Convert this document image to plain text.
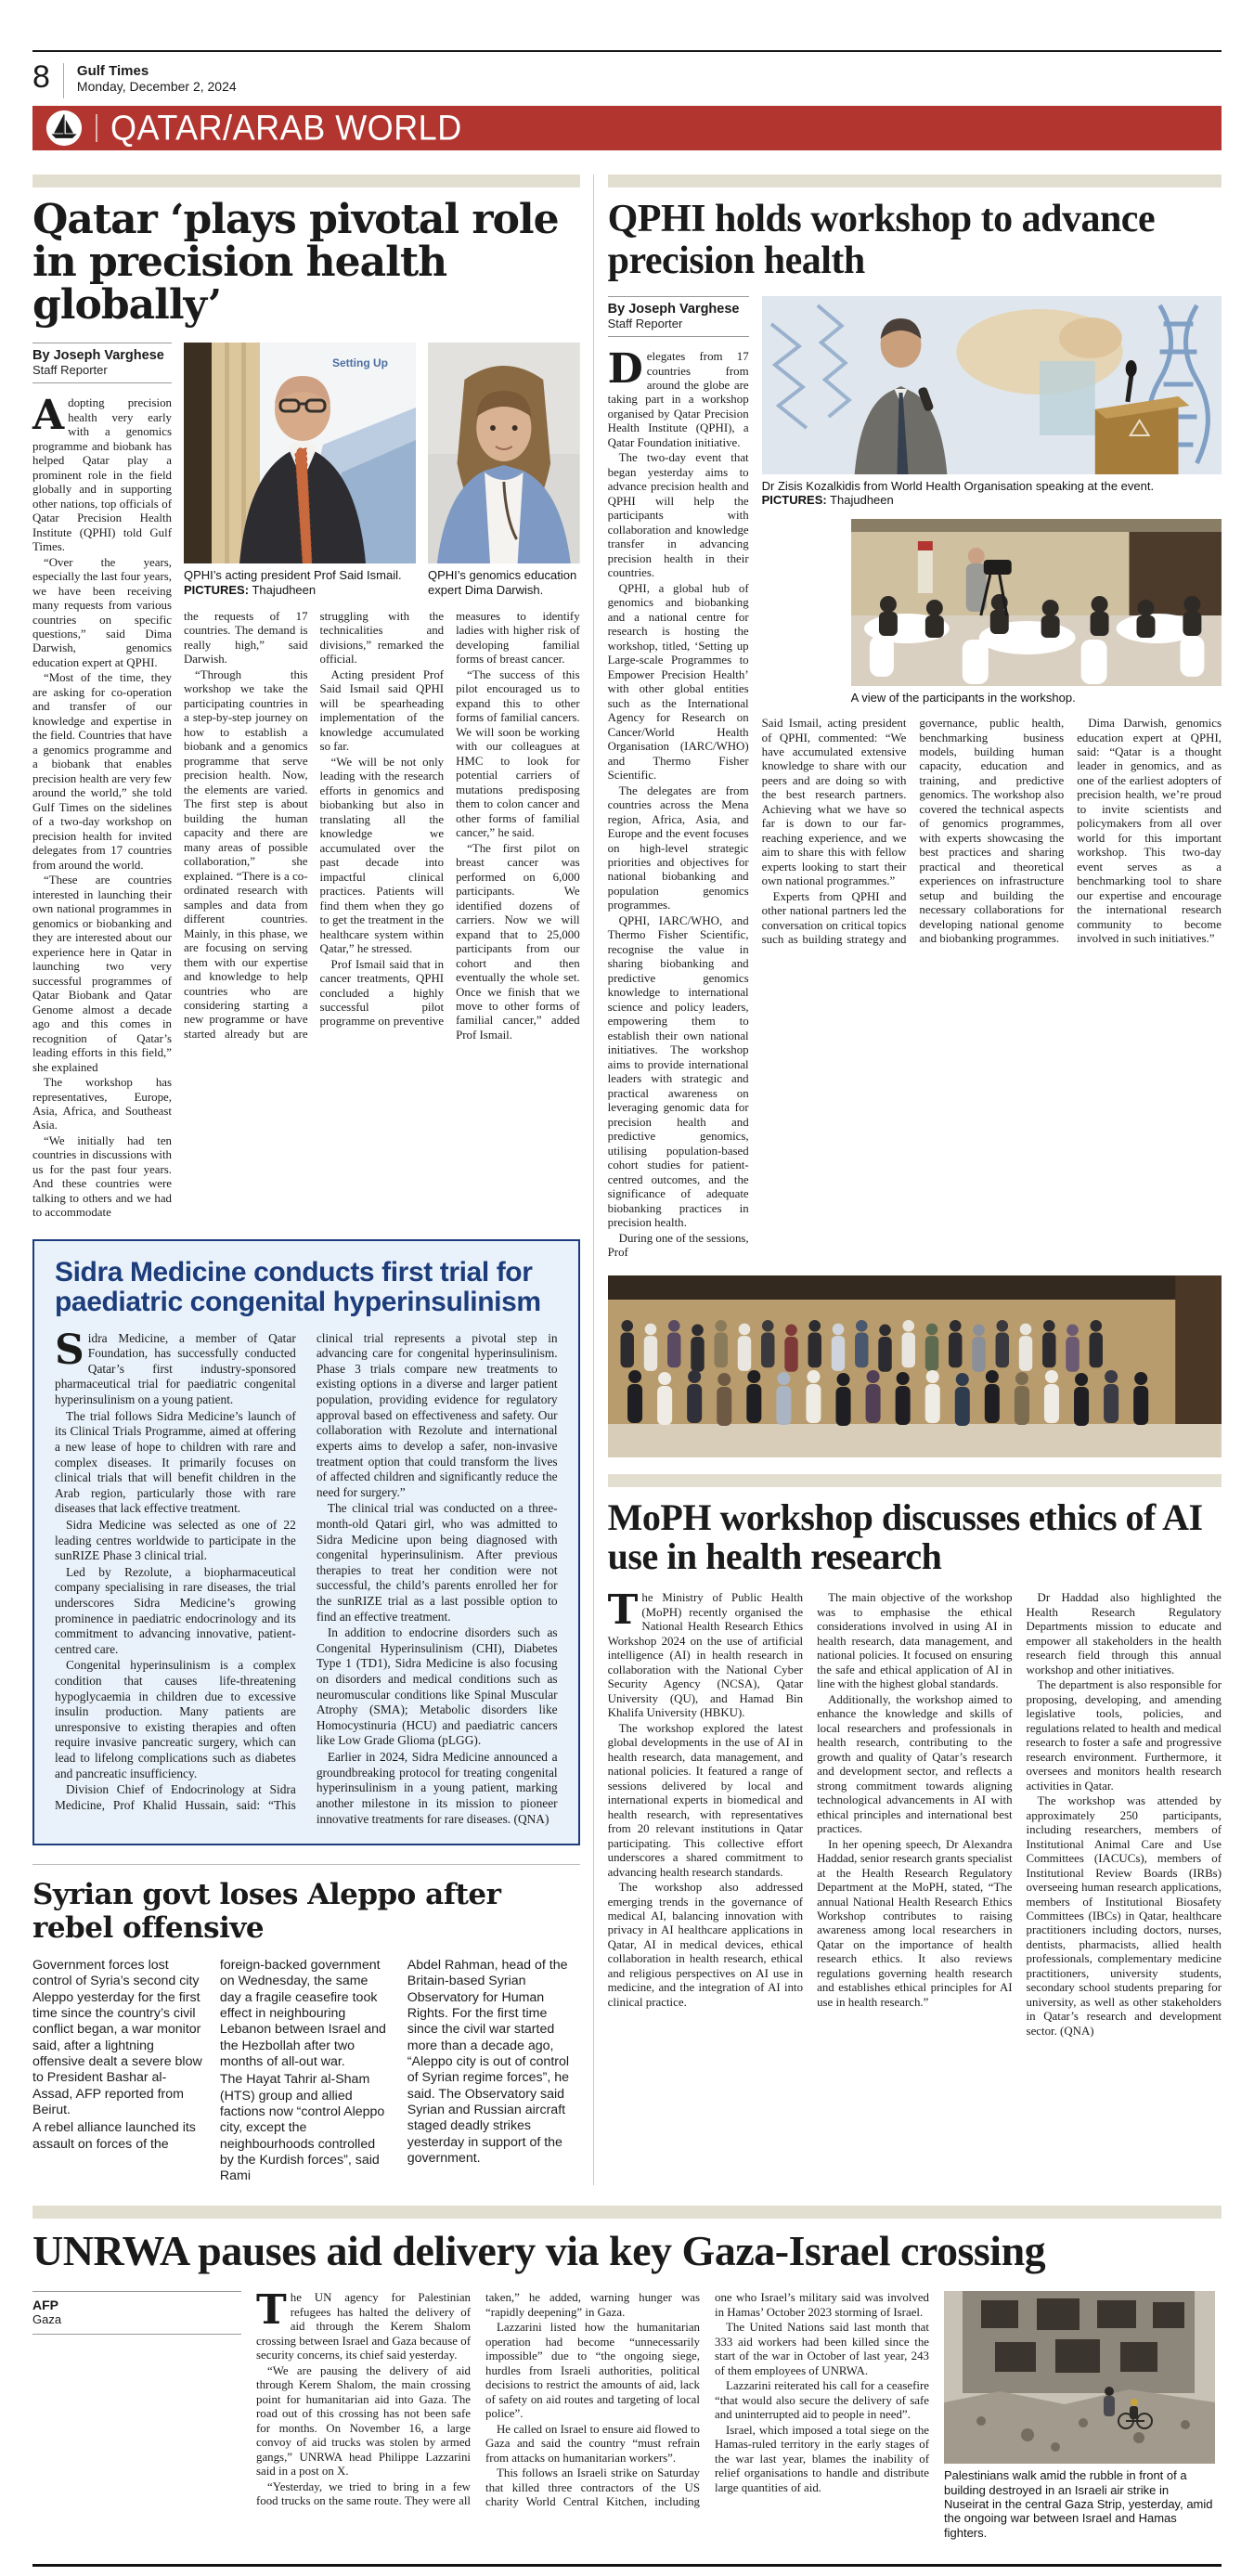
8 Gulf Times
Monday, December 2, 2024
QATAR/ARAB WORLD
Qatar ‘plays pivotal role in precision health globally’
By Joseph Varghese
Staff Reporter

Adopting precision health very early with a genomics programme and biobank has helped Qatar play a prominent role in the field globally and in supporting other nations, top officials of Qatar Precision Health Institute (QPHI) told Gulf Times.

“Over the years, especially the last four years, we have been receiving many requests from various countries on specific questions,” said Dima Darwish, genomics education expert at QPHI.

“Most of the time, they are asking for co-operation and transfer of our knowledge and expertise in the field. Countries that have a genomics programme and a biobank that enables precision health are very few around the world,” she told Gulf Times on the sidelines of a two-day workshop on precision health for invited delegates from 17 countries from around the world.

“These are countries interested in launching their own national programmes in genomics or biobanking and they are interested about our experience here in Qatar in launching two very successful programmes of Qatar Biobank and Qatar Genome almost a decade ago and this comes in recognition of Qatar’s leading efforts in this field,” she explained

The workshop has representatives, Europe, Asia, Africa, and Southeast Asia.

“We initially had ten countries in discussions with us for the past four years. And these countries were talking to others and we had to accommodate

Setting Up
QPHI’s acting president Prof Said Ismail. PICTURES: Thajudheen
QPHI’s genomics education expert Dima Darwish.

the requests of 17 countries. The demand is really high,” said Darwish.

“Through this workshop we take the participating countries in a step-by-step journey on how to establish a biobank and a genomics programme that serve precision health. Now, the elements are varied. The first step is about building the human capacity and there are many areas of possible collaboration,” she explained. “There is a co-ordinated research with samples and data from different countries. Mainly, in this phase, we are focusing on serving them with our expertise and knowledge to help countries who are considering starting a new programme or have started already but are struggling with the technicalities and divisions,” remarked the official.

Acting president Prof Said Ismail said QPHI will be spearheading implementation of the knowledge accumulated so far.

“We will be not only leading with the research efforts in genomics and biobanking but also in translating all the knowledge we accumulated over the past decade into impactful clinical practices. Patients will find them when they go to get the treatment in the healthcare system within Qatar,” he stressed.

Prof Ismail said that in cancer treatments, QPHI concluded a highly successful pilot programme on preventive measures to identify ladies with higher risk of developing familial forms of breast cancer.

“The success of this pilot encouraged us to expand this to other forms of familial cancers. We will soon be working with our colleagues at HMC to look for potential carriers of mutations predisposing them to colon cancer and other forms of familial cancer,” he said.

“The first pilot on breast cancer was performed on 6,000 participants. We identified dozens of carriers. Now we will expand that to 25,000 participants from our cohort and then eventually the whole set. Once we finish that we move to other forms of familial cancer,” added Prof Ismail.

Sidra Medicine conducts first trial for paediatric congenital hyperinsulinism

Sidra Medicine, a member of Qatar Foundation, has successfully conducted Qatar’s first industry-sponsored pharmaceutical trial for paediatric congenital hyperinsulinism on a young patient.

The trial follows Sidra Medicine’s launch of its Clinical Trials Programme, aimed at offering a new lease of hope to children with rare and complex diseases. It primarily focuses on clinical trials that will benefit children in the Arab region, particularly those with rare diseases that lack effective treatment.

Sidra Medicine was selected as one of 22 leading centres worldwide to participate in the sunRIZE Phase 3 clinical trial.

Led by Rezolute, a biopharmaceutical company specialising in rare diseases, the trial underscores Sidra Medicine’s growing prominence in paediatric endocrinology and its commitment to advancing innovative, patient-centred care.

Congenital hyperinsulinism is a complex condition that causes life-threatening hypoglycaemia in children due to excessive insulin production. Many patients are unresponsive to existing therapies and often require invasive pancreatic surgery, which can lead to lifelong complications such as diabetes and pancreatic insufficiency.

Division Chief of Endocrinology at Sidra Medicine, Prof Khalid Hussain, said: “This clinical trial represents a pivotal step in advancing care for congenital hyperinsulinism. Phase 3 trials compare new treatments to existing options in a diverse and larger patient population, providing evidence for regulatory approval based on effectiveness and safety. Our collaboration with Rezolute and international experts aims to develop a safer, non-invasive treatment option that could transform the lives of affected children and significantly reduce the need for surgery.”

The clinical trial was conducted on a three-month-old Qatari girl, who was admitted to Sidra Medicine upon being diagnosed with congenital hyperinsulinism. After previous therapies to treat her condition were not successful, the child’s parents enrolled her for the sunRIZE trial as a last possible option to find an effective treatment.

In addition to endocrine disorders such as Congenital Hyperinsulinism (CHI), Diabetes Type 1 (TD1), Sidra Medicine is also focusing on disorders and medical conditions such as neuromuscular conditions like Spinal Muscular Atrophy (SMA); Metabolic disorders like Homocystinuria (HCU) and paediatric cancers like Low Grade Glioma (pLGG).

Earlier in 2024, Sidra Medicine announced a groundbreaking protocol for treating congenital hyperinsulinism in a young patient, marking another milestone in its mission to pioneer innovative treatments for rare diseases. (QNA)

Syrian govt loses Aleppo after rebel offensive

Government forces lost control of Syria’s second city Aleppo yesterday for the first time since the country’s civil conflict began, a war monitor said, after a lightning offensive dealt a severe blow to President Bashar al-Assad, AFP reported from Beirut.

A rebel alliance launched its assault on forces of the

foreign-backed government on Wednesday, the same day a fragile ceasefire took effect in neighbouring Lebanon between Israel and the Hezbollah after two months of all-out war.

The Hayat Tahrir al-Sham (HTS) group and allied factions now “control Aleppo city, except the neighbourhoods controlled by the Kurdish forces”, said Rami

Abdel Rahman, head of the Britain-based Syrian Observatory for Human Rights. For the first time since the civil war started more than a decade ago, “Aleppo city is out of control of Syrian regime forces”, he said. The Observatory said Syrian and Russian aircraft staged deadly strikes yesterday in support of the government.

QPHI holds workshop to advance precision health
By Joseph Varghese
Staff Reporter

Delegates from 17 countries from around the globe are taking part in a workshop organised by Qatar Precision Health Institute (QPHI), a Qatar Foundation initiative.

The two-day event that began yesterday aims to advance precision health and QPHI will help the participants with collaboration and knowledge transfer in advancing precision health in their countries.

QPHI, a global hub of genomics and biobanking and a national centre for research is hosting the workshop, titled, ‘Setting up Large-scale Programmes to Empower Precision Health’ with other global entities such as the International Agency for Research on Cancer/World Health Organisation (IARC/WHO) and Thermo Fisher Scientific.

The delegates are from countries across the Mena region, Africa, Asia, and Europe and the event focuses on high-level strategic priorities and objectives for national biobanking and population genomics programmes.

QPHI, IARC/WHO, and Thermo Fisher Scientific, recognise the value in sharing biobanking and predictive genomics knowledge to international science and policy leaders, empowering them to establish their own national initiatives. The workshop aims to provide international leaders with strategic and practical awareness on leveraging genomic data for precision health and predictive genomics, utilising population-based cohort studies for patient-centred outcomes, and the significance of adequate biobanking practices in precision health.

During one of the sessions, Prof

Dr Zisis Kozalkidis from World Health Organisation speaking at the event. PICTURES: Thajudheen
A view of the participants in the workshop.

Said Ismail, acting president of QPHI, commented: “We have accumulated extensive knowledge to share with our peers and are doing so with the best research partners. Achieving what we have so far is down to our far-reaching experience, and we aim to share this with fellow experts looking to start their own national programmes.”

Experts from QPHI and other national partners led the conversation on critical topics such as building strategy and governance, public health, benchmarking business models, building human capacity, education and training, and predictive genomics. The workshop also covered the technical aspects of genomics programmes, with experts showcasing the best practices and sharing practical and theoretical experiences on infrastructure setup and building the necessary collaborations for developing national genome and biobanking programmes.

Dima Darwish, genomics education expert at QPHI, said: “Qatar is a thought leader in genomics, and as one of the earliest adopters of precision health, we’re proud to invite scientists and policymakers from all over world for this important workshop. This two-day event serves as a benchmarking tool to share our expertise and encourage the international research community to become involved in such initiatives.”

MoPH workshop discusses ethics of AI use in health research

The Ministry of Public Health (MoPH) recently organised the National Health Research Ethics Workshop 2024 on the use of artificial intelligence (AI) in health research in collaboration with the National Cyber Security Agency (NCSA), Qatar University (QU), and Hamad Bin Khalifa University (HBKU).

The workshop explored the latest global developments in the use of AI in health research, data management, and national policies. It featured a range of sessions delivered by local and international experts in biomedical and health research, with representatives from 20 relevant institutions in Qatar participating. This collective effort underscores a shared commitment to advancing health research standards.

The workshop also addressed emerging trends in the governance of medical AI, balancing innovation with privacy in AI healthcare applications in Qatar, AI in medical devices, ethical collaboration in health research, ethical and religious perspectives on AI use in medicine, and the integration of AI into clinical practice.

The main objective of the workshop was to emphasise the ethical considerations involved in using AI in health research, data management, and national policies. It focused on ensuring the safe and ethical application of AI in line with the highest global standards.

Additionally, the workshop aimed to enhance the knowledge and skills of local researchers and professionals in health research, contributing to the growth and quality of Qatar’s research and development sector, and reflects a strong commitment towards aligning technological advancements in AI with ethical principles and international best practices.

In her opening speech, Dr Alexandra Haddad, senior research grants specialist at the Health Research Regulatory Department at the MoPH, stated, “The annual National Health Research Ethics Workshop contributes to raising awareness among local researchers in Qatar on the importance of health research ethics. It also reviews regulations governing health research and establishes ethical principles for AI use in health research.”

Dr Haddad also highlighted the Health Research Regulatory Departments mission to educate and empower all stakeholders in the health research field through this annual workshop and other initiatives.

The department is also responsible for proposing, developing, and amending legislative tools, policies, and regulations related to health and medical research to foster a safe and progressive research environment. Furthermore, it oversees and monitors health research activities in Qatar.

The workshop was attended by approximately 250 participants, including researchers, members of Institutional Animal Care and Use Committees (IACUCs), members of Institutional Review Boards (IRBs) overseeing human research applications, members of Institutional Biosafety Committees (IBCs) in Qatar, healthcare practitioners including doctors, nurses, dentists, pharmacists, allied health professionals, complementary medicine practitioners, university students, secondary school students preparing for university, as well as other stakeholders in Qatar’s research and development sector. (QNA)

UNRWA pauses aid delivery via key Gaza-Israel crossing
AFP
Gaza	The UN agency for Palestinian refugees has halted the delivery of aid through the Kerem Shalom crossing between Israel and Gaza because of security concerns, its chief said yesterday.

“We are pausing the delivery of aid through Kerem Shalom, the main crossing point for humanitarian aid into Gaza. The road out of this crossing has not been safe for months. On November 16, a large convoy of aid trucks was stolen by armed gangs,” UNRWA head Philippe Lazzarini said in a post on X.

“Yesterday, we tried to bring in a few food trucks on the same route. They were all taken,” he added, warning hunger was “rapidly deepening” in Gaza.

Lazzarini listed how the humanitarian operation had become “unnecessarily impossible” due to “the ongoing siege, hurdles from Israeli authorities, political decisions to restrict the amounts of aid, lack of safety on aid routes and targeting of local police”.

He called on Israel to ensure aid flowed to Gaza and said the country “must refrain from attacks on humanitarian workers”.

This follows an Israeli strike on Saturday that killed three contractors of the US charity World Central Kitchen, including one who Israel’s military said was involved in Hamas’ October 2023 storming of Israel.

The United Nations said last month that 333 aid workers had been killed since the start of the war in October of last year, 243 of them employees of UNRWA.

Lazzarini reiterated his call for a ceasefire “that would also secure the delivery of safe and uninterrupted aid to people in need”.

Israel, which imposed a total siege on the Hamas-ruled territory in the early stages of the war last year, blames the inability of relief organisations to handle and distribute large quantities of aid.

Palestinians walk amid the rubble in front of a building destroyed in an Israeli air strike in Nuseirat in the central Gaza Strip, yesterday, amid the ongoing war between Israel and Hamas fighters.
